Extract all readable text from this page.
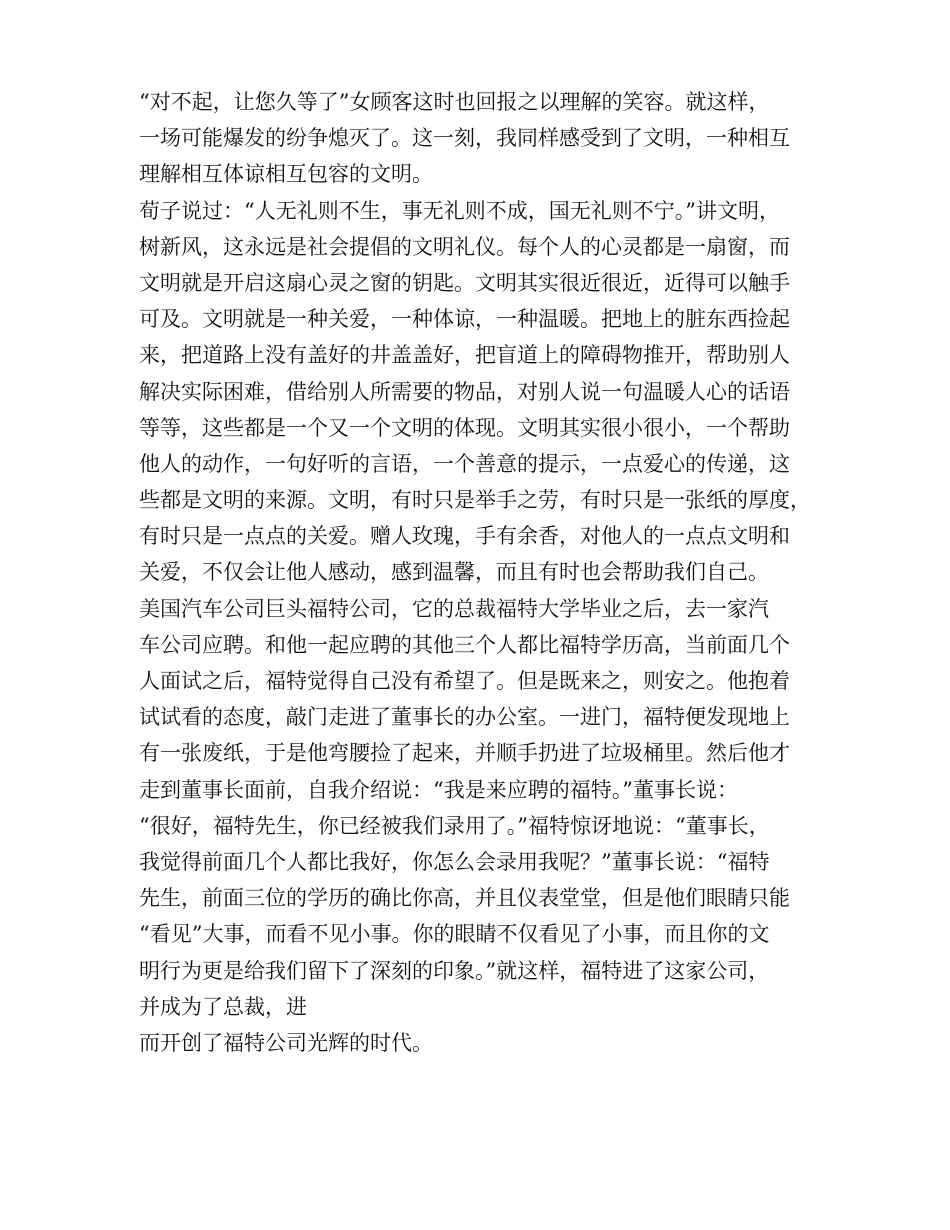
“对不起，让您久等了”女顾客这时也回报之以理解的笑容。就这样，
一场可能爆发的纷争熄灭了。这一刻，我同样感受到了文明，一种相互
理解相互体谅相互包容的文明。
荀子说过：“人无礼则不生，事无礼则不成，国无礼则不宁。”讲文明，
树新风，这永远是社会提倡的文明礼仪。每个人的心灵都是一扇窗，而
文明就是开启这扇心灵之窗的钥匙。文明其实很近很近，近得可以触手
可及。文明就是一种关爱，一种体谅，一种温暖。把地上的脏东西捡起
来，把道路上没有盖好的井盖盖好，把盲道上的障碍物推开，帮助别人
解决实际困难，借给别人所需要的物品，对别人说一句温暖人心的话语
等等，这些都是一个又一个文明的体现。文明其实很小很小，一个帮助
他人的动作，一句好听的言语，一个善意的提示，一点爱心的传递，这
些都是文明的来源。文明，有时只是举手之劳，有时只是一张纸的厚度，
有时只是一点点的关爱。赠人玫瑰，手有余香，对他人的一点点文明和
关爱，不仅会让他人感动，感到温馨，而且有时也会帮助我们自己。
美国汽车公司巨头福特公司，它的总裁福特大学毕业之后，去一家汽
车公司应聘。和他一起应聘的其他三个人都比福特学历高，当前面几个
人面试之后，福特觉得自己没有希望了。但是既来之，则安之。他抱着
试试看的态度，敲门走进了董事长的办公室。一进门，福特便发现地上
有一张废纸，于是他弯腰捡了起来，并顺手扔进了垃圾桶里。然后他才
走到董事长面前，自我介绍说：“我是来应聘的福特。”董事长说：
“很好，福特先生，你已经被我们录用了。”福特惊讶地说：“董事长，
我觉得前面几个人都比我好，你怎么会录用我呢？”董事长说：“福特
先生，前面三位的学历的确比你高，并且仪表堂堂，但是他们眼睛只能
“看见”大事，而看不见小事。你的眼睛不仅看见了小事，而且你的文
明行为更是给我们留下了深刻的印象。”就这样，福特进了这家公司，
并成为了总裁，进
而开创了福特公司光辉的时代。
